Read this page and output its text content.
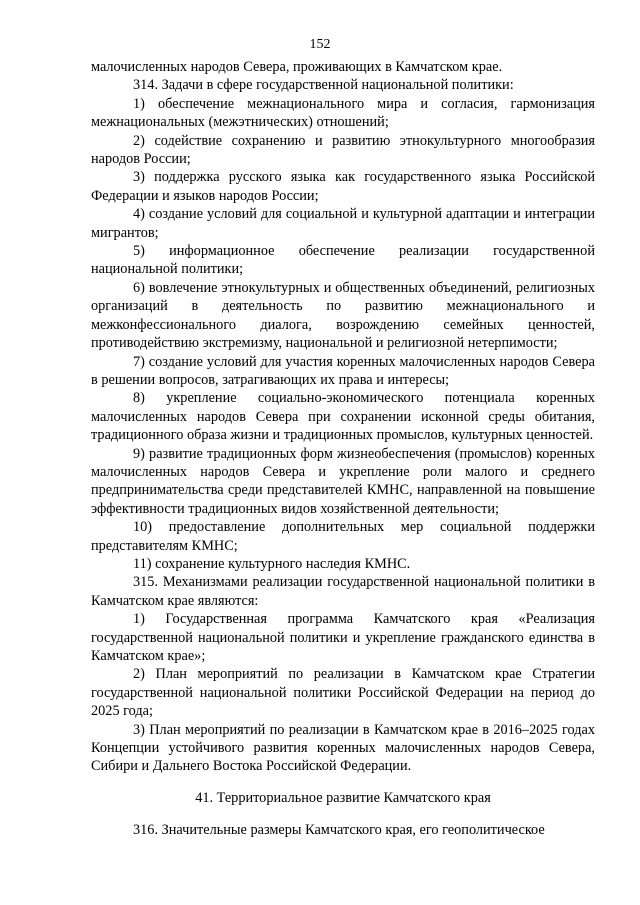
152

малочисленных народов Севера, проживающих в Камчатском крае.

314. Задачи в сфере государственной национальной политики:

1) обеспечение межнационального мира и согласия, гармонизация межнациональных (межэтнических) отношений;

2) содействие сохранению и развитию этнокультурного многообразия народов России;

3) поддержка русского языка как государственного языка Российской Федерации и языков народов России;

4) создание условий для социальной и культурной адаптации и интеграции мигрантов;

5) информационное обеспечение реализации государственной национальной политики;

6) вовлечение этнокультурных и общественных объединений, религиозных организаций в деятельность по развитию межнационального и межконфессионального диалога, возрождению семейных ценностей, противодействию экстремизму, национальной и религиозной нетерпимости;

7) создание условий для участия коренных малочисленных народов Севера в решении вопросов, затрагивающих их права и интересы;

8) укрепление социально-экономического потенциала коренных малочисленных народов Севера при сохранении исконной среды обитания, традиционного образа жизни и традиционных промыслов, культурных ценностей.

9) развитие традиционных форм жизнеобеспечения (промыслов) коренных малочисленных народов Севера и укрепление роли малого и среднего предпринимательства среди представителей КМНС, направленной на повышение эффективности традиционных видов хозяйственной деятельности;

10) предоставление дополнительных мер социальной поддержки представителям КМНС;

11) сохранение культурного наследия КМНС.

315. Механизмами реализации государственной национальной политики в Камчатском крае являются:

1) Государственная программа Камчатского края «Реализация государственной национальной политики и укрепление гражданского единства в Камчатском крае»;

2) План мероприятий по реализации в Камчатском крае Стратегии государственной национальной политики Российской Федерации на период до 2025 года;

3) План мероприятий по реализации в Камчатском крае в 2016–2025 годах Концепции устойчивого развития коренных малочисленных народов Севера, Сибири и Дальнего Востока Российской Федерации.

41. Территориальное развитие Камчатского края

316. Значительные размеры Камчатского края, его геополитическое
